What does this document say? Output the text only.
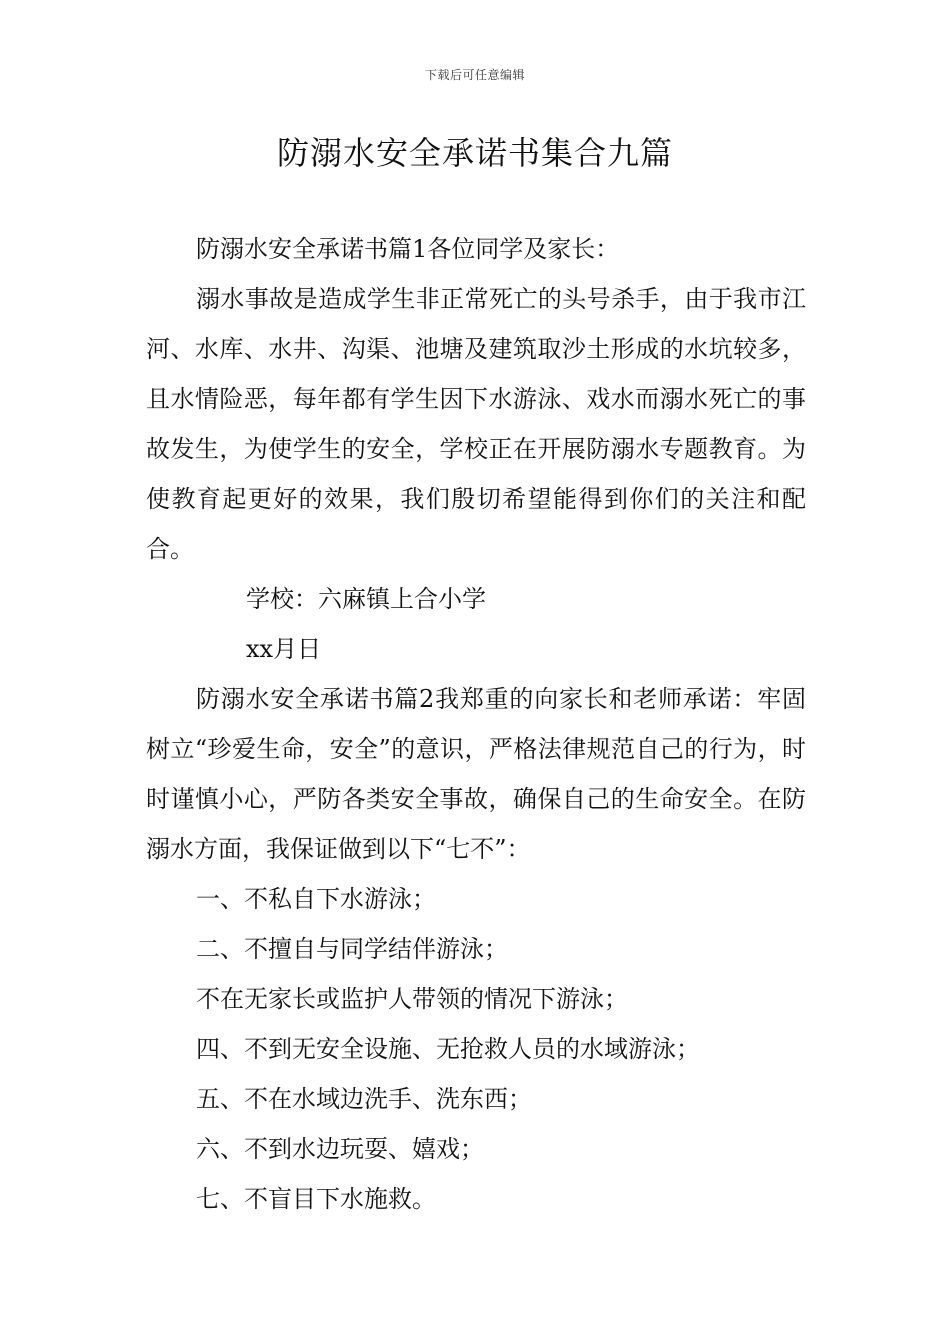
下载后可任意编辑
防溺水安全承诺书集合九篇

防溺水安全承诺书篇1各位同学及家长：

溺水事故是造成学生非正常死亡的头号杀手，由于我市江河、水库、水井、沟渠、池塘及建筑取沙土形成的水坑较多，且水情险恶，每年都有学生因下水游泳、戏水而溺水死亡的事故发生，为使学生的安全，学校正在开展防溺水专题教育。为使教育起更好的效果，我们殷切希望能得到你们的关注和配合。

学校：六麻镇上合小学

xx月日

防溺水安全承诺书篇2我郑重的向家长和老师承诺：牢固树立“珍爱生命，安全”的意识，严格法律规范自己的行为，时时谨慎小心，严防各类安全事故，确保自己的生命安全。在防溺水方面，我保证做到以下“七不”：

一、不私自下水游泳；

二、不擅自与同学结伴游泳；

不在无家长或监护人带领的情况下游泳；

四、不到无安全设施、无抢救人员的水域游泳；

五、不在水域边洗手、洗东西；

六、不到水边玩耍、嬉戏；

七、不盲目下水施救。
